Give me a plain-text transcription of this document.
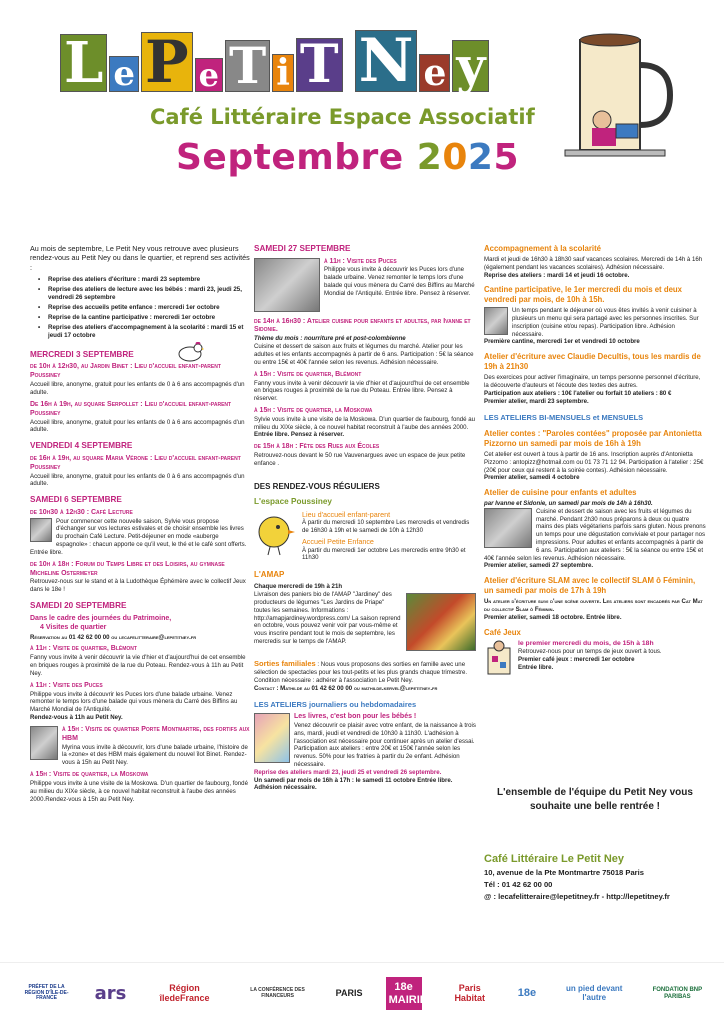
L e P e T i T N e y
Café Littéraire Espace Associatif
Septembre 2025

Au mois de septembre, Le Petit Ney vous retrouve avec plusieurs rendez-vous au Petit Ney ou dans le quartier, et reprend ses activités :

• Reprise des ateliers d'écriture : mardi 23 septembre
• Reprise des ateliers de lecture avec les bébés : mardi 23, jeudi 25, vendredi 26 septembre
• Reprise des accueils petite enfance : mercredi 1er octobre
• Reprise de la cantine participative : mercredi 1er octobre
• Reprise des ateliers d'accompagnement à la scolarité : mardi 15 et jeudi 17 octobre
MERCREDI 3 SEPTEMBRE
de 10h à 12h30, au Jardin Binet : Lieu d'accueil enfant-parent Poussiney
Accueil libre, anonyme, gratuit pour les enfants de 0 à 6 ans accompagnés d'un adulte.
De 16h à 19h, au square Serpollet : Lieu d'accueil enfant-parent Poussiney
Accueil libre, anonyme, gratuit pour les enfants de 0 à 6 ans accompagnés d'un adulte.
VENDREDI 4 SEPTEMBRE
de 16h à 19h, au square Maria Vérone : Lieu d'accueil enfant-parent Poussiney
Accueil libre, anonyme, gratuit pour les enfants de 0 à 6 ans accompagnés d'un adulte.
SAMEDI 6 SEPTEMBRE
de 10h30 à 12h30 : Café Lecture
Pour commencer cette nouvelle saison, Sylvie vous propose d'échanger sur vos lectures estivales et de choisir ensemble les livres du prochain Café Lecture. Petit-déjeuner en mode «auberge espagnole» : chacun apporte ce qu'il veut, le thé et le café sont offerts. Entrée libre.
de 10h à 18h : Forum du Temps Libre et des Loisirs, au gymnase Micheline Ostermeyer
Retrouvez-nous sur le stand et à la Ludothèque Éphémère avec le collectif Jeux dans le 18e !
SAMEDI 20 SEPTEMBRE
Dans le cadre des journées du Patrimoine,
4 Visites de quartier
Réservation au 01 42 62 00 00 ou lecafelitteraire@lepetitney.fr
à 11h : Visite de quartier, Blémont
Fanny vous invite à venir découvrir la vie d'hier et d'aujourd'hui de cet ensemble en briques rouges à proximité de la rue du Poteau. Rendez-vous à 11h au Petit Ney.
à 11h : Visite des Puces
Philippe vous invite à découvrir les Puces lors d'une balade urbaine. Venez remonter le temps lors d'une balade qui vous mènera du Carré des Biffins au Marché Mondial de l'Antiquité.
Rendez-vous à 11h au Petit Ney.
à 15h : Visite de quartier Porte Montmartre, des fortifs aux HBM
Myrina vous invite à découvrir, lors d'une balade urbaine, l'histoire de la «zone» et des HBM mais également du nouvel îlot Binet. Rendez-vous à 15h au Petit Ney.
à 15h : Visite de quartier, la Moskowa
Philippe vous invite à une visite de la Moskowa. D'un quartier de faubourg, fondé au milieu du XIXe siècle, à ce nouvel habitat reconstruit à l'aube des années 2000.Rendez-vous à 15h au Petit Ney.
SAMEDI 27 SEPTEMBRE
à 11h : Visite des Puces
Philippe vous invite à découvrir les Puces lors d'une balade urbaine. Venez remonter le temps lors d'une balade qui vous mènera du Carré des Biffins au Marché Mondial de l'Antiquité. Entrée libre. Pensez à réserver.
de 14h à 16h30 : Atelier cuisine pour enfants et adultes, par Ivanne et Sidonie.
Thème du mois : nourriture pré et post-colombienne
Cuisine et dessert de saison aux fruits et légumes du marché. Atelier pour les adultes et les enfants accompagnés à partir de 6 ans. Participation : 5€ la séance ou entre 15€ et 40€ l'année selon les revenus. Adhésion nécessaire.
à 15h : Visite de quartier, Blémont
Fanny vous invite à venir découvrir la vie d'hier et d'aujourd'hui de cet ensemble en briques rouges à proximité de la rue du Poteau. Entrée libre. Pensez à réserver.
à 15h : Visite de quartier, la Moskowa
Sylvie vous invite à une visite de la Moskowa. D'un quartier de faubourg, fondé au milieu du XIXe siècle, à ce nouvel habitat reconstruit à l'aube des années 2000.
Entrée libre. Pensez à réserver.
de 15h à 18h : Fête des Rues aux Écoles
Retrouvez-nous devant le 50 rue Vauvenargues avec un espace de jeux petite enfance .
DES RENDEZ-VOUS RÉGULIERS
L'espace Poussiney
Lieu d'accueil enfant-parent
À partir du mercredi 10 septembre Les mercredis et vendredis de 16h30 à 19h et le samedi de 10h à 12h30
Accueil Petite Enfance
À partir du mercredi 1er octobre Les mercredis entre 9h30 et 11h30
L'AMAP
Chaque mercredi de 19h à 21h
Livraison des paniers bio de l'AMAP "Jardiney" des producteurs de légumes "Les Jardins de Priape" toutes les semaines. Informations : http://amapjardiney.wordpress.com/ La saison reprend en octobre, vous pouvez venir voir par vous-même et vous inscrire pendant tout le mois de septembre, les mercredis sur le temps de l'AMAP.
Sorties familiales : Nous vous proposons des sorties en famille avec une sélection de spectacles pour les tout-petits et les plus grands chaque trimestre. Condition nécessaire : adhérer à l'association Le Petit Ney.
Contact : Mathilde au 01 42 62 00 00 ou mathilde.kervel@lepetitney.fr
LES ATELIERS journaliers ou hebdomadaires
Les livres, c'est bon pour les bébés !
Venez découvrir ce plaisir avec votre enfant, de la naissance à trois ans, mardi, jeudi et vendredi de 10h30 à 11h30. L'adhésion à l'association est nécessaire pour continuer après un atelier d'essai. Participation aux ateliers : entre 20€ et 150€ l'année selon les revenus. 50% pour les fratries à partir du 2e enfant. Adhésion nécessaire.
Reprise des ateliers mardi 23, jeudi 25 et vendredi 26 septembre.
Un samedi par mois de 16h à 17h : le samedi 11 octobre Entrée libre. Adhésion nécessaire.
Accompagnement à la scolarité
Mardi et jeudi de 16h30 à 18h30 sauf vacances scolaires. Mercredi de 14h à 16h (également pendant les vacances scolaires). Adhésion nécessaire.
Reprise des ateliers : mardi 14 et jeudi 16 octobre.
Cantine participative, le 1er mercredi du mois et deux vendredi par mois, de 10h à 15h.
Un temps pendant le déjeuner où vous êtes invités à venir cuisiner à plusieurs un menu qui sera partagé avec les personnes inscrites. Sur inscription (cuisine et/ou repas). Participation libre. Adhésion nécessaire.
Première cantine, mercredi 1er et vendredi 10 octobre
Atelier d'écriture avec Claudie Decultis, tous les mardis de 19h à 21h30
Des exercices pour activer l'imaginaire, un temps personne personnel d'écriture, la découverte d'auteurs et l'écoute des textes des autres.
Participation aux ateliers : 10€ l'atelier ou forfait 10 ateliers : 80 €
Premier atelier, mardi 23 septembre.
LES ATELIERS BI-MENSUELS et MENSUELS
Atelier contes : "Paroles contées" proposée par Antonietta Pizzorno un samedi par mois de 16h à 19h
Cet atelier est ouvert à tous à partir de 16 ans. Inscription auprès d'Antonietta Pizzorno : antopizz@hotmail.com ou 01 73 71 12 94. Participation à l'atelier : 25€ (20€ pour ceux qui restent à la soirée contes). Adhésion nécessaire.
Premier atelier, samedi 4 octobre
Atelier de cuisine pour enfants et adultes
par Ivanne et Sidonie, un samedi par mois de 14h à 16h30.
Cuisine et dessert de saison avec les fruits et légumes du marché. Pendant 2h30 nous préparons à deux ou quatre mains des plats végétariens parfois sans gluten. Nous prenons un temps pour une dégustation conviviale et pour partager nos impressions. Pour adultes et enfants accompagnés à partir de 6 ans. Participation aux ateliers : 5€ la séance ou entre 15€ et 40€ l'année selon les revenus. Adhésion nécessaire.
Premier atelier, samedi 27 septembre.
Atelier d'écriture SLAM avec le collectif SLAM ô Féminin, un samedi par mois de 17h à 19h
Un atelier d'écriture suivi d'une scène ouverte. Les ateliers sont encadrés par Cat Mat du collectif Slam ô Féminin.
Premier atelier, samedi 18 octobre. Entrée libre.
Café Jeux
le premier mercredi du mois, de 15h à 18h
Retrouvez-nous pour un temps de jeux ouvert à tous.
Premier café jeux : mercredi 1er octobre
Entrée libre.
L'ensemble de l'équipe du Petit Ney vous
souhaite une belle rentrée !
Café Littéraire Le Petit Ney
10, avenue de la Pte Montmartre 75018 Paris
Tél : 01 42 62 00 00
@ : lecafelitteraire@lepetitney.fr - http://lepetitney.fr
PRÉFET DE LA RÉGION D'ÎLE-DE-FRANCE	ars	Région îledeFrance
LA CONFÉRENCE DES FINANCEURS	PARIS	18e MAIRIE
Paris Habitat	18e	un pied devant l'autre
FONDATION BNP PARIBAS
